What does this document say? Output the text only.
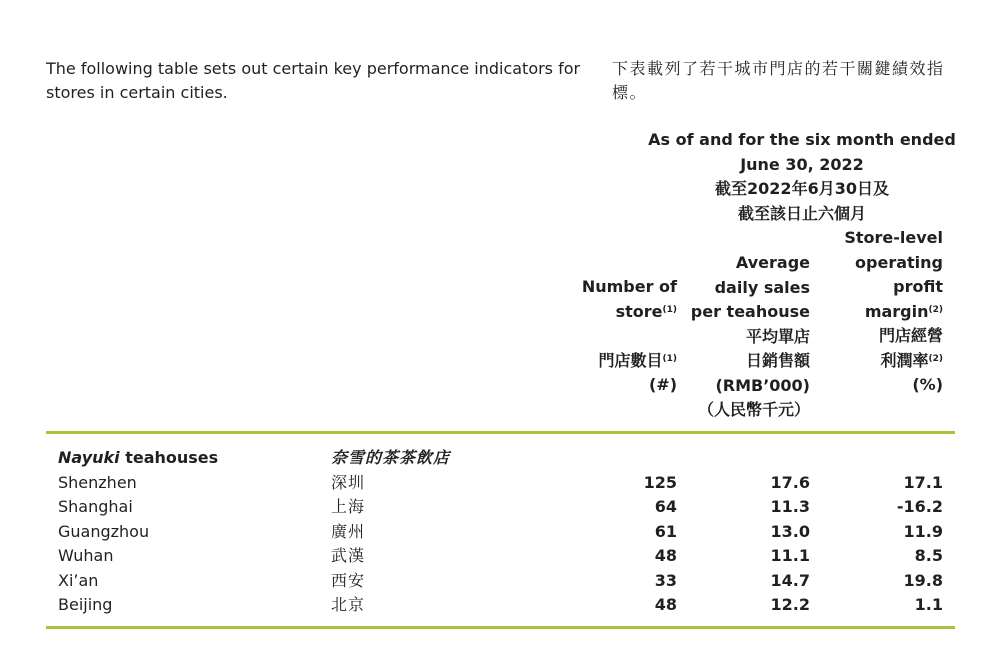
The following table sets out certain key performance indicators for stores in certain cities.
下表載列了若干城市門店的若干關鍵績效指標。
As of and for the six month ended
June 30, 2022
截至2022年6月30日及
截至該日止六個月
Number of
store$^{(1)}$
門店數目$^{(1)}$
(#)
Average
daily sales
per teahouse
平均單店
日銷售額
(RMB’000)
（人民幣千元）
Store-level
operating
profit
margin$^{(2)}$
門店經營
利潤率$^{(2)}$
(%)
Nayuki teahouses	奈雪的茶茶飲店
Shenzhen	深圳	125	17.6	17.1
Shanghai	上海	64	11.3	-16.2
Guangzhou	廣州	61	13.0	11.9
Wuhan	武漢	48	11.1	8.5
Xi’an	西安	33	14.7	19.8
Beijing	北京	48	12.2	1.1
